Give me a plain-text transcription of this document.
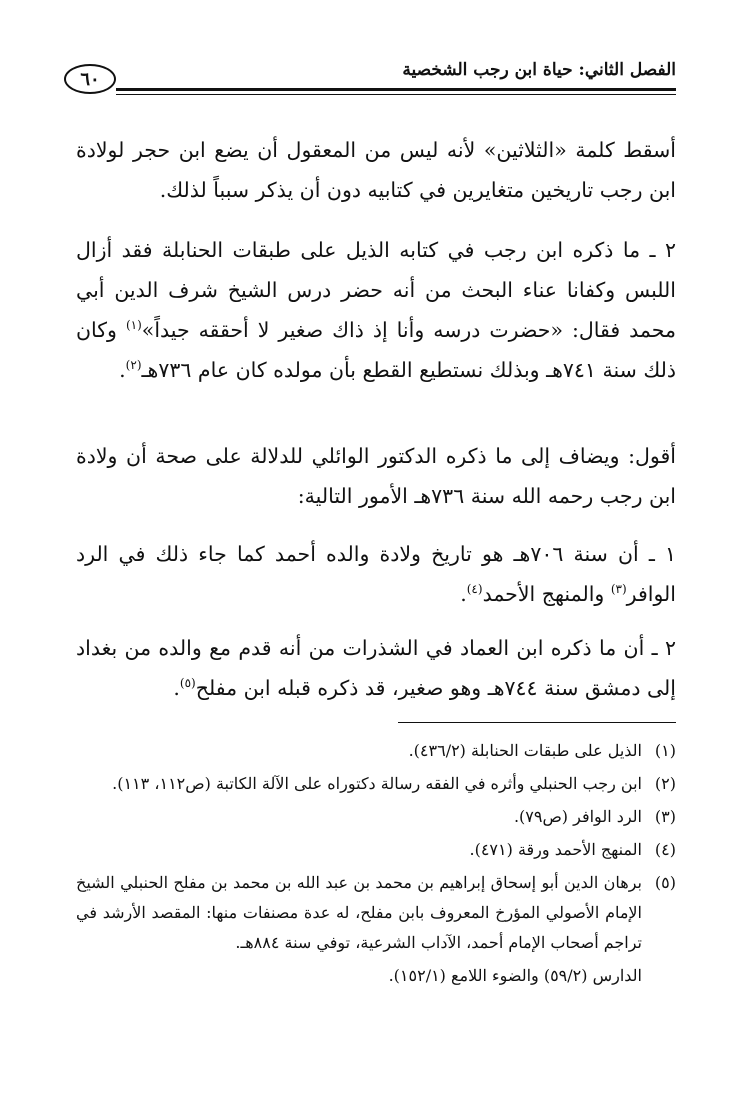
الفصل الثاني: حياة ابن رجب الشخصية
٦٠

أسقط كلمة «الثلاثين» لأنه ليس من المعقول أن يضع ابن حجر لولادة ابن رجب تاريخين متغايرين في كتابيه دون أن يذكر سبباً لذلك.

٢ ـ ما ذكره ابن رجب في كتابه الذيل على طبقات الحنابلة فقد أزال اللبس وكفانا عناء البحث من أنه حضر درس الشيخ شرف الدين أبي محمد فقال: «حضرت درسه وأنا إذ ذاك صغير لا أحققه جيداً»$^{(١)}$ وكان ذلك سنة ٧٤١هـ وبذلك نستطيع القطع بأن مولده كان عام ٧٣٦هـ$^{(٢)}$.

أقول: ويضاف إلى ما ذكره الدكتور الوائلي للدلالة على صحة أن ولادة ابن رجب رحمه الله سنة ٧٣٦هـ الأمور التالية:

١ ـ أن سنة ٧٠٦هـ هو تاريخ ولادة والده أحمد كما جاء ذلك في الرد الوافر$^{(٣)}$ والمنهج الأحمد$^{(٤)}$.

٢ ـ أن ما ذكره ابن العماد في الشذرات من أنه قدم مع والده من بغداد إلى دمشق سنة ٧٤٤هـ وهو صغير، قد ذكره قبله ابن مفلح$^{(٥)}$.

(١)
الذيل على طبقات الحنابلة (٤٣٦/٢).
(٢)
ابن رجب الحنبلي وأثره في الفقه رسالة دكتوراه على الآلة الكاتبة (ص١١٢، ١١٣).
(٣)
الرد الوافر (ص٧٩).
(٤)
المنهج الأحمد ورقة (٤٧١).
(٥)
برهان الدين أبو إسحاق إبراهيم بن محمد بن عبد الله بن محمد بن مفلح الحنبلي الشيخ الإمام الأصولي المؤرخ المعروف بابن مفلح، له عدة مصنفات منها: المقصد الأرشد في تراجم أصحاب الإمام أحمد، الآداب الشرعية، توفي سنة ٨٨٤هـ.
الدارس (٥٩/٢) والضوء اللامع (١٥٢/١).
